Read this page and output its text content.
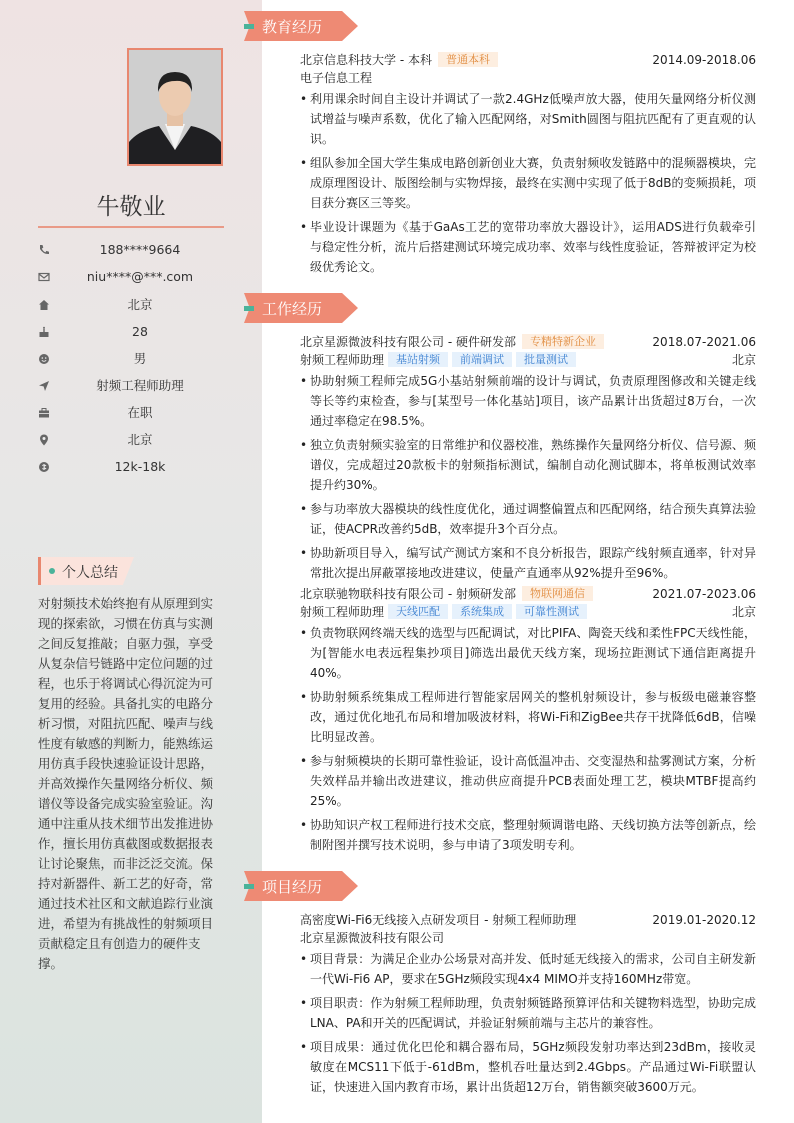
牛敬业
188****9664
niu****@***.com
北京
28
男
射频工程师助理
在职
北京
12k-18k
个人总结

对射频技术始终抱有从原理到实现的探索欲，习惯在仿真与实测之间反复推敲；自驱力强，享受从复杂信号链路中定位问题的过程，也乐于将调试心得沉淀为可复用的经验。具备扎实的电路分析习惯，对阻抗匹配、噪声与线性度有敏感的判断力，能熟练运用仿真手段快速验证设计思路，并高效操作矢量网络分析仪、频谱仪等设备完成实验室验证。沟通中注重从技术细节出发推进协作，擅长用仿真截图或数据报表让讨论聚焦，而非泛泛交流。保持对新器件、新工艺的好奇，常通过技术社区和文献追踪行业演进，希望为有挑战性的射频项目贡献稳定且有创造力的硬件支撑。

教育经历
北京信息科技大学 - 本科 普通本科	2014.09-2018.06
电子信息工程
• 利用课余时间自主设计并调试了一款2.4GHz低噪声放大器，使用矢量网络分析仪测试增益与噪声系数，优化了输入匹配网络，对Smith圆图与阻抗匹配有了更直观的认识。
• 组队参加全国大学生集成电路创新创业大赛，负责射频收发链路中的混频器模块，完成原理图设计、版图绘制与实物焊接，最终在实测中实现了低于8dB的变频损耗，项目获分赛区三等奖。
• 毕业设计课题为《基于GaAs工艺的宽带功率放大器设计》，运用ADS进行负载牵引与稳定性分析，流片后搭建测试环境完成功率、效率与线性度验证，答辩被评定为校级优秀论文。
工作经历
北京星源微波科技有限公司 - 硬件研发部 专精特新企业	2018.07-2021.06
射频工程师助理 基站射频 前端调试 批量测试	北京
• 协助射频工程师完成5G小基站射频前端的设计与调试，负责原理图修改和关键走线等长等约束检查，参与[某型号一体化基站]项目，该产品累计出货超过8万台，一次通过率稳定在98.5%。
• 独立负责射频实验室的日常维护和仪器校准，熟练操作矢量网络分析仪、信号源、频谱仪，完成超过20款板卡的射频指标测试，编制自动化测试脚本，将单板测试效率提升约30%。
• 参与功率放大器模块的线性度优化，通过调整偏置点和匹配网络，结合预失真算法验证，使ACPR改善约5dB，效率提升3个百分点。
• 协助新项目导入，编写试产测试方案和不良分析报告，跟踪产线射频直通率，针对异常批次提出屏蔽罩接地改进建议，使量产直通率从92%提升至96%。
北京联驰物联科技有限公司 - 射频研发部 物联网通信	2021.07-2023.06
射频工程师助理 天线匹配 系统集成 可靠性测试	北京
• 负责物联网终端天线的选型与匹配调试，对比PIFA、陶瓷天线和柔性FPC天线性能，为[智能水电表远程集抄项目]筛选出最优天线方案，现场拉距测试下通信距离提升40%。
• 协助射频系统集成工程师进行智能家居网关的整机射频设计，参与板级电磁兼容整改，通过优化地孔布局和增加吸波材料，将Wi-Fi和ZigBee共存干扰降低6dB，信噪比明显改善。
• 参与射频模块的长期可靠性验证，设计高低温冲击、交变湿热和盐雾测试方案，分析失效样品并输出改进建议，推动供应商提升PCB表面处理工艺，模块MTBF提高约25%。
• 协助知识产权工程师进行技术交底，整理射频调谐电路、天线切换方法等创新点，绘制附图并撰写技术说明，参与申请了3项发明专利。
项目经历
高密度Wi-Fi6无线接入点研发项目 - 射频工程师助理	2019.01-2020.12
北京星源微波科技有限公司
• 项目背景：为满足企业办公场景对高并发、低时延无线接入的需求，公司自主研发新一代Wi-Fi6 AP，要求在5GHz频段实现4x4 MIMO并支持160MHz带宽。
• 项目职责：作为射频工程师助理，负责射频链路预算评估和关键物料选型，协助完成LNA、PA和开关的匹配调试，并验证射频前端与主芯片的兼容性。
• 项目成果：通过优化巴伦和耦合器布局，5GHz频段发射功率达到23dBm，接收灵敏度在MCS11下低于-61dBm，整机吞吐量达到2.4Gbps。产品通过Wi-Fi联盟认证，快速进入国内教育市场，累计出货超12万台，销售额突破3600万元。
